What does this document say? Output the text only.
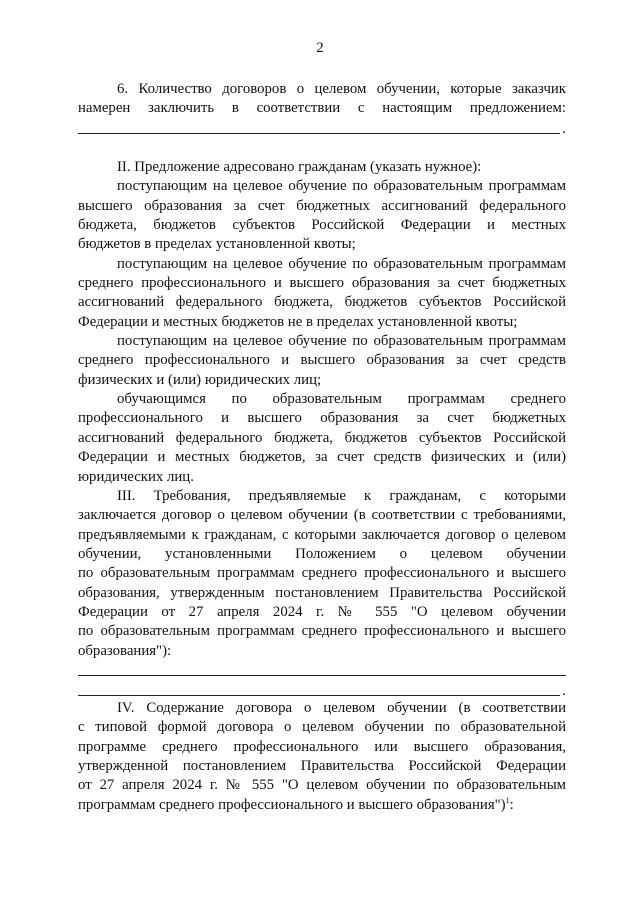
2

6. Количество договоров о целевом обучении, которые заказчик

намерен заключить в соответствии с настоящим предложением:

.

II. Предложение адресовано гражданам (указать нужное):

поступающим на целевое обучение по образовательным программам

высшего образования за счет бюджетных ассигнований федерального

бюджета, бюджетов субъектов Российской Федерации и местных

бюджетов в пределах установленной квоты;

поступающим на целевое обучение по образовательным программам

среднего профессионального и высшего образования за счет бюджетных

ассигнований федерального бюджета, бюджетов субъектов Российской

Федерации и местных бюджетов не в пределах установленной квоты;

поступающим на целевое обучение по образовательным программам

среднего профессионального и высшего образования за счет средств

физических и (или) юридических лиц;

обучающимся по образовательным программам среднего

профессионального и высшего образования за счет бюджетных

ассигнований федерального бюджета, бюджетов субъектов Российской

Федерации и местных бюджетов, за счет средств физических и (или)

юридических лиц.

III. Требования, предъявляемые к гражданам, с которыми

заключается договор о целевом обучении (в соответствии с требованиями,

предъявляемыми к гражданам, с которыми заключается договор о целевом

обучении, установленными Положением о целевом обучении

по образовательным программам среднего профессионального и высшего

образования, утвержденным постановлением Правительства Российской

Федерации от 27 апреля 2024 г. № 555 "О целевом обучении

по образовательным программам среднего профессионального и высшего

образования"):

.

IV. Содержание договора о целевом обучении (в соответствии

с типовой формой договора о целевом обучении по образовательной

программе среднего профессионального или высшего образования,

утвержденной постановлением Правительства Российской Федерации

от 27 апреля 2024 г. № 555 "О целевом обучении по образовательным

программам среднего профессионального и высшего образования")$^1$:
